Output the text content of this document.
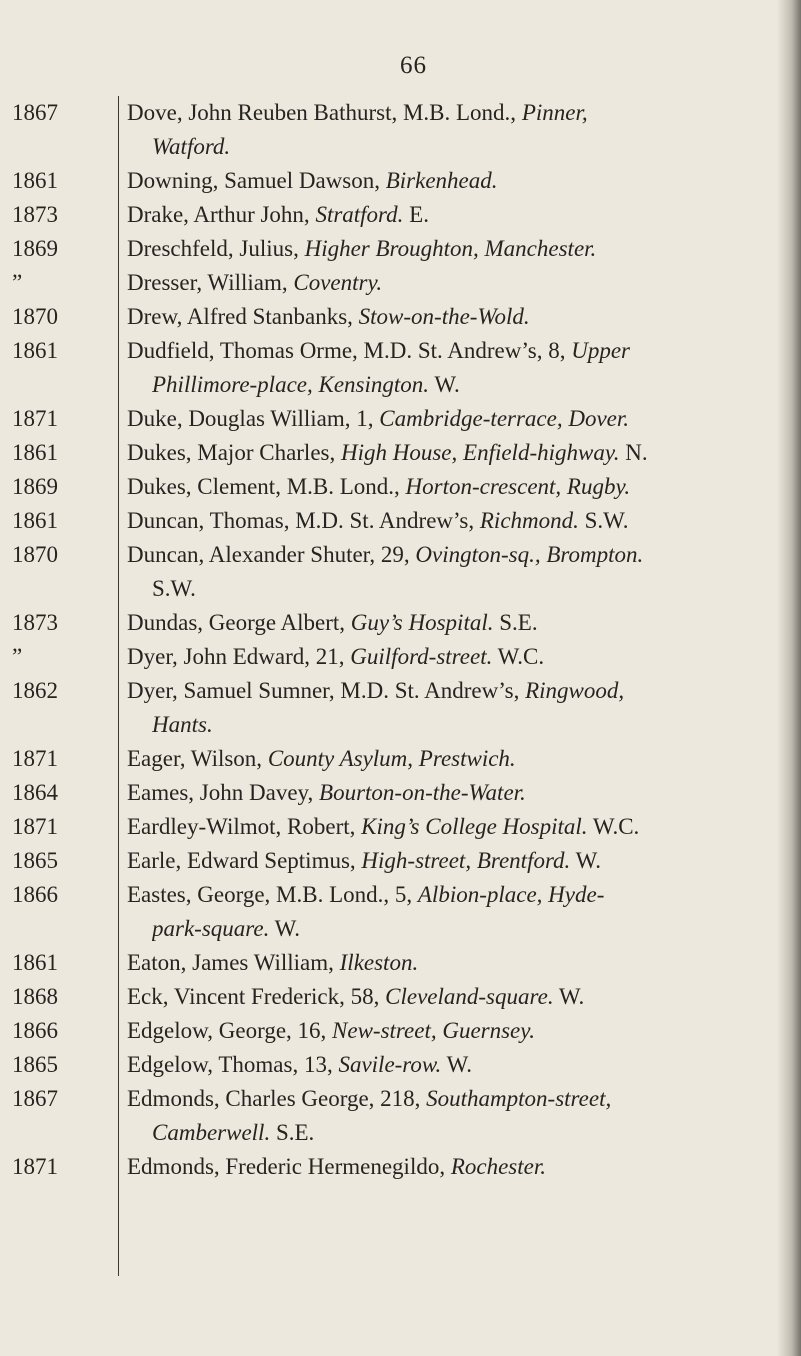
66
1867	Dove, John Reuben Bathurst, M.B. Lond., Pinner,
Watford.
1861	Downing, Samuel Dawson, Birkenhead.
1873	Drake, Arthur John, Stratford. E.
1869	Dreschfeld, Julius, Higher Broughton, Manchester.
”	Dresser, William, Coventry.
1870	Drew, Alfred Stanbanks, Stow-on-the-Wold.
1861	Dudfield, Thomas Orme, M.D. St. Andrew’s, 8, Upper
Phillimore-place, Kensington. W.
1871	Duke, Douglas William, 1, Cambridge-terrace, Dover.
1861	Dukes, Major Charles, High House, Enfield-highway. N.
1869	Dukes, Clement, M.B. Lond., Horton-crescent, Rugby.
1861	Duncan, Thomas, M.D. St. Andrew’s, Richmond. S.W.
1870	Duncan, Alexander Shuter, 29, Ovington-sq., Brompton.
S.W.
1873	Dundas, George Albert, Guy’s Hospital. S.E.
”	Dyer, John Edward, 21, Guilford-street. W.C.
1862	Dyer, Samuel Sumner, M.D. St. Andrew’s, Ringwood,
Hants.
1871	Eager, Wilson, County Asylum, Prestwich.
1864	Eames, John Davey, Bourton-on-the-Water.
1871	Eardley-Wilmot, Robert, King’s College Hospital. W.C.
1865	Earle, Edward Septimus, High-street, Brentford. W.
1866	Eastes, George, M.B. Lond., 5, Albion-place, Hyde-
park-square. W.
1861	Eaton, James William, Ilkeston.
1868	Eck, Vincent Frederick, 58, Cleveland-square. W.
1866	Edgelow, George, 16, New-street, Guernsey.
1865	Edgelow, Thomas, 13, Savile-row. W.
1867	Edmonds, Charles George, 218, Southampton-street,
Camberwell. S.E.
1871	Edmonds, Frederic Hermenegildo, Rochester.
